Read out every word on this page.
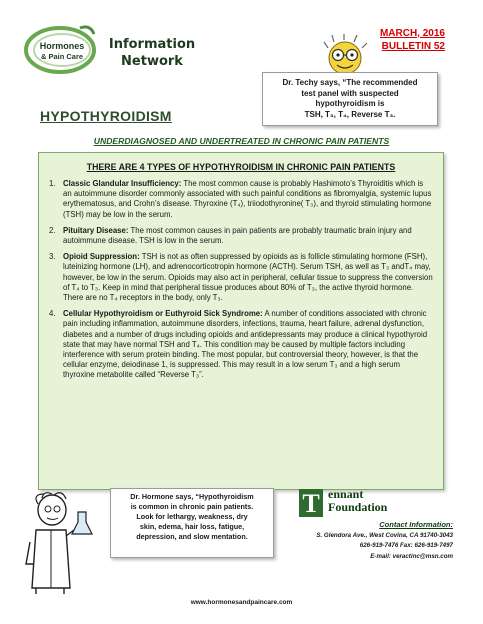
Hormones
& Pain Care
Information
Network
MARCH, 2016
BULLETIN 52
Dr. Techy says, “The recommended
test panel with suspected
hypothyroidism is
TSH, T₃, T₄, Reverse T₃.
HYPOTHYROIDISM
UNDERDIAGNOSED AND UNDERTREATED IN CHRONIC PAIN PATIENTS
THERE ARE 4 TYPES OF HYPOTHYROIDISM IN CHRONIC PAIN PATIENTS
1. Classic Glandular Insufficiency: The most common cause is probably Hashimoto’s Thyroiditis which is an autoimmune disorder commonly associated with such painful conditions as fibromyalgia, systemic lupus erythematosus, and Crohn’s disease. Thyroxine (T₄), triiodothyronine( T₃), and thyroid stimulating hormone (TSH) may be low in the serum.
2. Pituitary Disease: The most common causes in pain patients are probably traumatic brain injury and autoimmune disease. TSH is low in the serum.
3. Opioid Suppression: TSH is not as often suppressed by opioids as is follicle stimulating hormone (FSH), luteinizing hormone (LH), and adrenocorticotropin hormone (ACTH). Serum TSH, as well as T₃ andT₄ may, however, be low in the serum. Opioids may also act in peripheral, cellular tissue to suppress the conversion of T₄ to T₃. Keep in mind that peripheral tissue produces about 80% of T₃, the active thyroid hormone. There are no T₄ receptors in the body, only T₃.
4. Cellular Hypothyroidism or Euthyroid Sick Syndrome: A number of conditions associated with chronic pain including inflammation, autoimmune disorders, infections, trauma, heart failure, adrenal dysfunction, diabetes and a number of drugs including opioids and antidepressants may produce a clinical hypothyroid state that may have normal TSH and T₄. This condition may be caused by multiple factors including interference with serum protein binding. The most popular, but controversial theory, however, is that the cellular enzyme, deiodinase 1, is suppressed. This may result in a low serum T₃ and a high serum thyroxine metabolite called “Reverse T₃”.
Dr. Hormone says, “Hypothyroidism
is common in chronic pain patients.
Look for lethargy, weakness, dry
skin, edema, hair loss, fatigue,
depression, and slow mentation.
T ennant
Foundation
Contact Information:
S. Glendora Ave., West Covina, CA 91740-3043
626-919-7476 Fax: 626-919-7497
E-mail: veractinc@msn.com
www.hormonesandpaincare.com
